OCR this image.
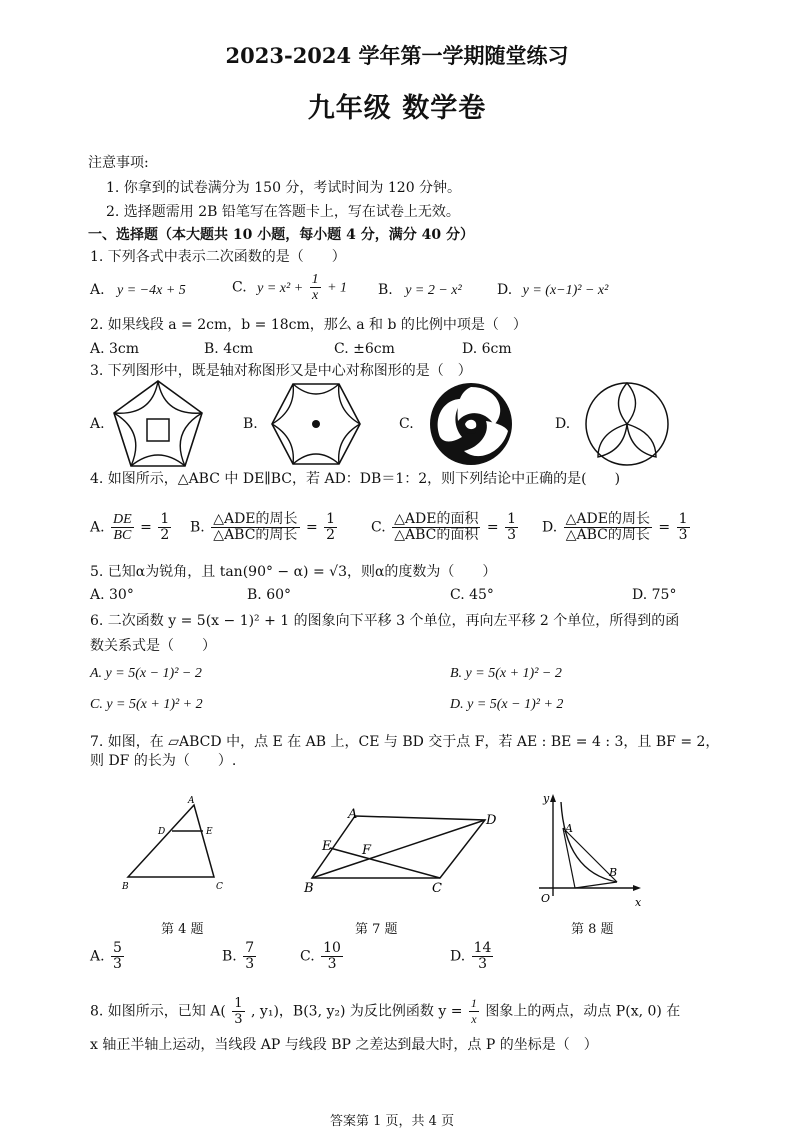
2023-2024 学年第一学期随堂练习
九年级 数学卷
注意事项:
1. 你拿到的试卷满分为 150 分，考试时间为 120 分钟。
2. 选择题需用 2B 铅笔写在答题卡上，写在试卷上无效。
一、选择题（本大题共 10 小题，每小题 4 分，满分 40 分）
1. 下列各式中表示二次函数的是（　　）
A. y = −4x + 5	C. $y = x^2 + \frac{1}{x} + 1$ B. y = 2 − x²	D. y = (x−1)² − x²
2. 如果线段 a = 2cm，b = 18cm，那么 a 和 b 的比例中项是（　）
A. 3cm	B. 4cm	C. ±6cm	D. 6cm
3. 下列图形中，既是轴对称图形又是中心对称图形的是（　）
A.	B.	C.	D.
4. 如图所示，△ABC 中 DE∥BC，若 AD：DB＝1：2，则下列结论中正确的是(　　)
A. $\frac{DE}{BC} = \frac{1}{2} B$. $\frac{\text{△ADE的周长}}{\text{△ABC的周长}} = \frac{1}{2} C$. $\frac{\text{△ADE的面积}}{\text{△ABC的面积}} = \frac{1}{3} D$. $\frac{\text{△ADE的周长}}{\text{△ABC的周长}} = \frac{1}{3}$
5. 已知α为锐角，且 tan(90° − α) = √3，则α的度数为（　　）
A. 30°	B. 60°	C. 45°	D. 75°
6. 二次函数 y = 5(x − 1)² + 1 的图象向下平移 3 个单位，再向左平移 2 个单位，所得到的函
数关系式是（　　）
A. y = 5(x − 1)² − 2	B. y = 5(x + 1)² − 2
C. y = 5(x + 1)² + 2	D. y = 5(x − 1)² + 2
7. 如图，在 ▱ABCD 中，点 E 在 AB 上，CE 与 BD 交于点 F，若 AE : BE = 4 : 3，且 BF = 2，
则 DF 的长为（　　）.
A
D	E
B	C
第 4 题
A	D
E F
B	C
第 7 题
y
x
O
A
B
第 8 题
A. $\frac{5}{3}$	B. $\frac{7}{3}$	C. $\frac{10}{3}$	D. $\frac{14}{3}$
8. 如图所示，已知 $A( \frac{1}{3}$ , y₁)，B(3, y₂) 为反比例函数 $y = \frac{1}{x}$ 图象上的两点，动点 P(x, 0) 在
x 轴正半轴上运动，当线段 AP 与线段 BP 之差达到最大时，点 P 的坐标是（　）
答案第 1 页，共 4 页
